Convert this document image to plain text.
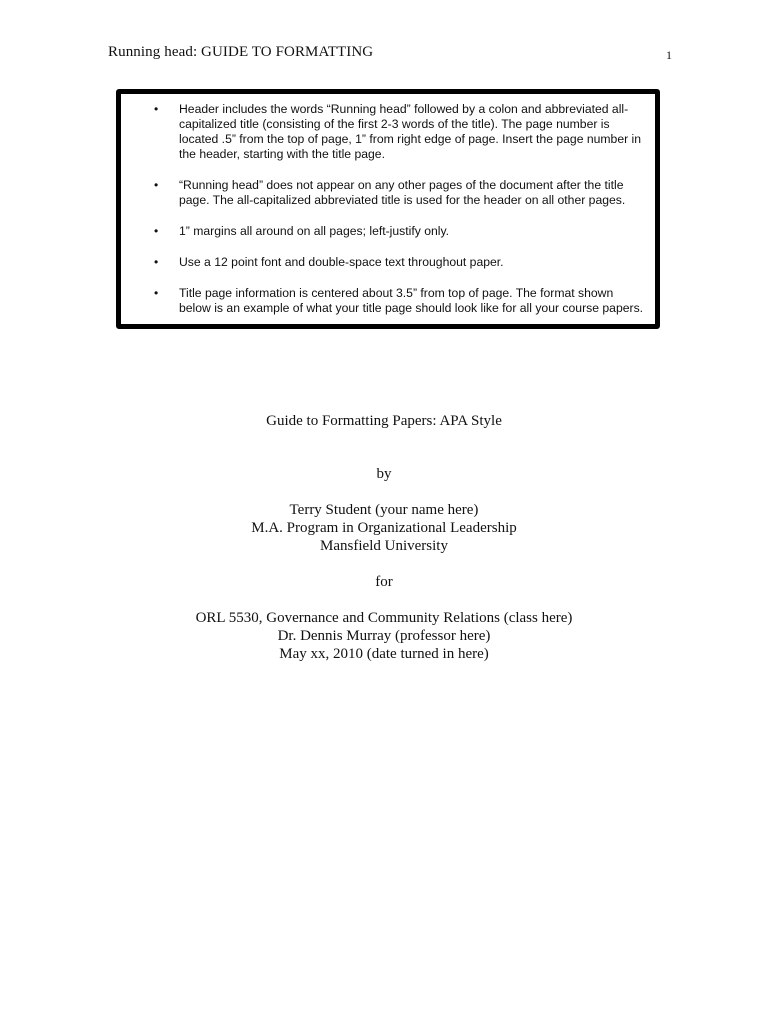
Running head: GUIDE TO FORMATTING	1
• Header includes the words “Running head” followed by a colon and abbreviated all-capitalized title (consisting of the first 2-3 words of the title). The page number is located .5” from the top of page, 1” from right edge of page. Insert the page number in the header, starting with the title page.
• “Running head” does not appear on any other pages of the document after the title page. The all-capitalized abbreviated title is used for the header on all other pages.
• 1” margins all around on all pages; left-justify only.
• Use a 12 point font and double-space text throughout paper.
• Title page information is centered about 3.5” from top of page. The format shown below is an example of what your title page should look like for all your course papers.
Guide to Formatting Papers: APA Style
by
Terry Student (your name here)
M.A. Program in Organizational Leadership
Mansfield University
for
ORL 5530, Governance and Community Relations (class here)
Dr. Dennis Murray (professor here)
May xx, 2010 (date turned in here)
